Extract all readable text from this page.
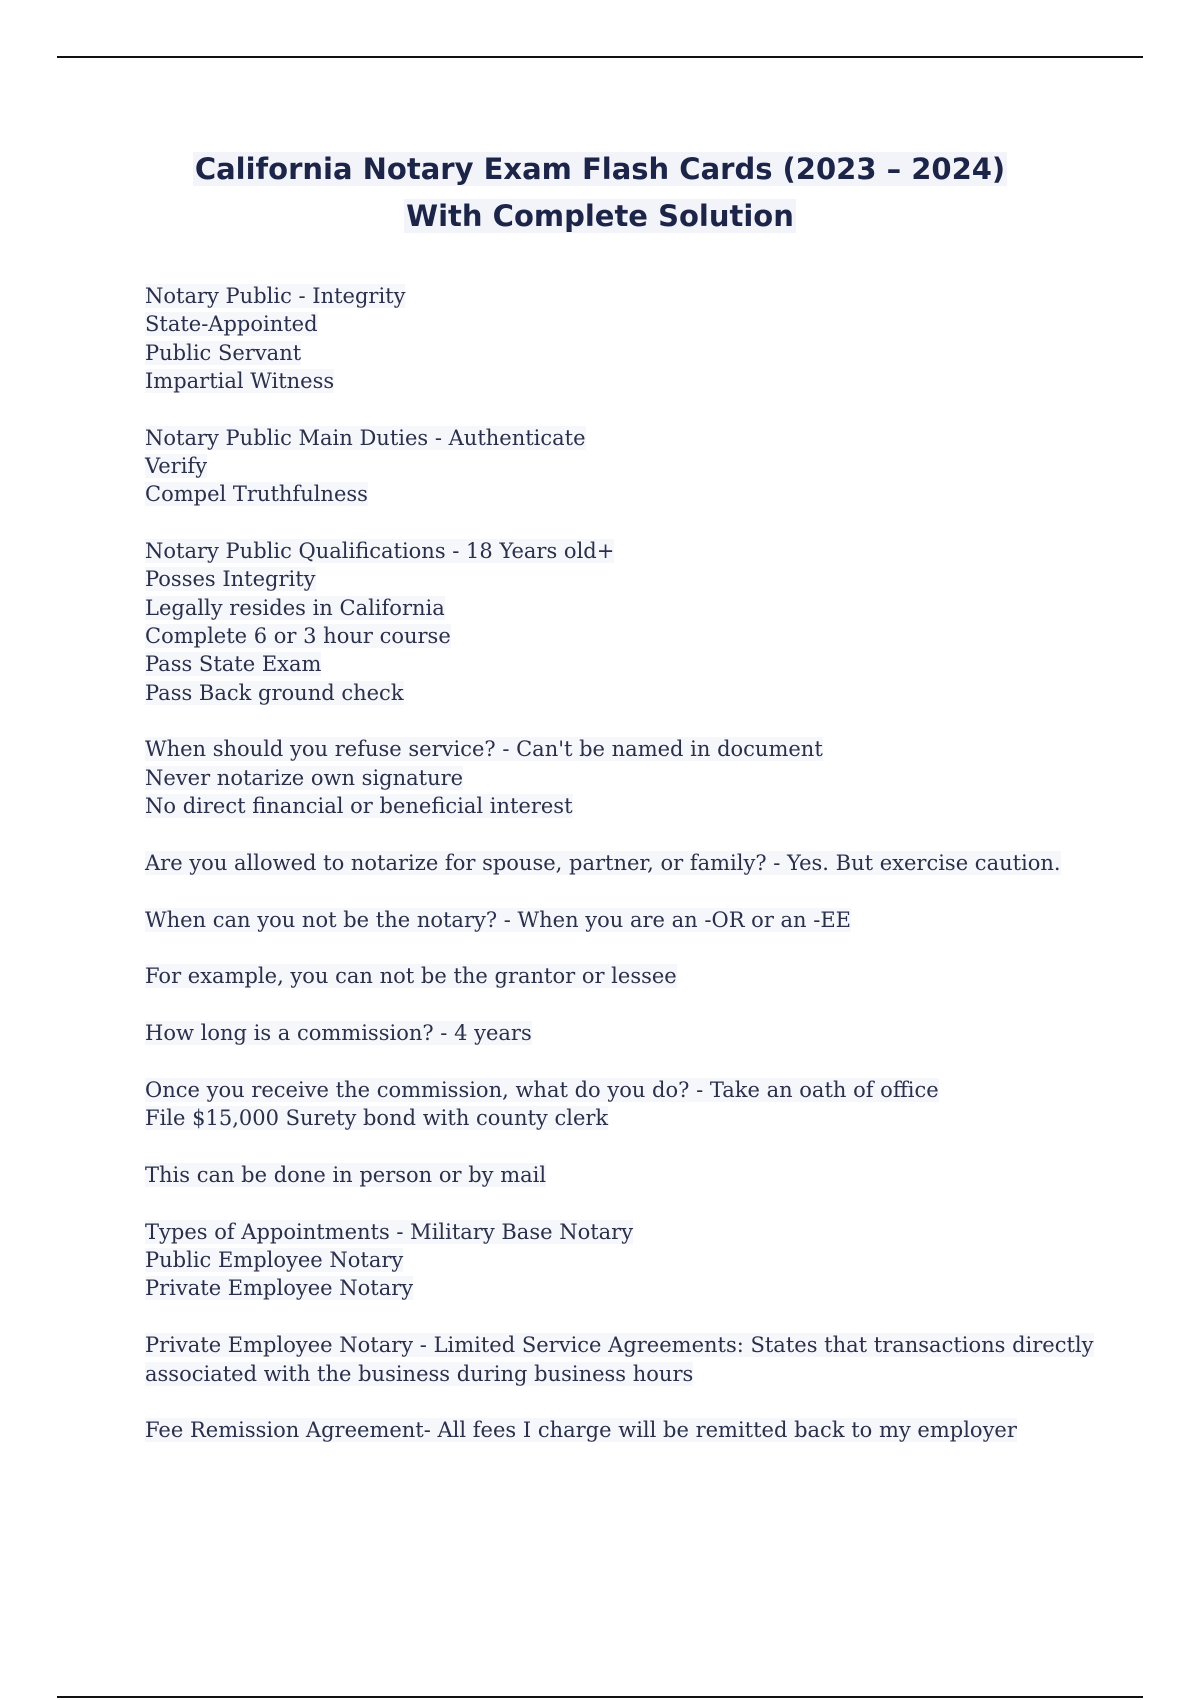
California Notary Exam Flash Cards (2023 – 2024)
With Complete Solution
Notary Public - Integrity
State-Appointed
Public Servant
Impartial Witness
Notary Public Main Duties - Authenticate
Verify
Compel Truthfulness
Notary Public Qualifications - 18 Years old+
Posses Integrity
Legally resides in California
Complete 6 or 3 hour course
Pass State Exam
Pass Back ground check
When should you refuse service? - Can't be named in document
Never notarize own signature
No direct financial or beneficial interest
Are you allowed to notarize for spouse, partner, or family? - Yes. But exercise caution.
When can you not be the notary? - When you are an -OR or an -EE
For example, you can not be the grantor or lessee
How long is a commission? - 4 years
Once you receive the commission, what do you do? - Take an oath of office
File $15,000 Surety bond with county clerk
This can be done in person or by mail
Types of Appointments - Military Base Notary
Public Employee Notary
Private Employee Notary
Private Employee Notary - Limited Service Agreements: States that transactions directly
associated with the business during business hours
Fee Remission Agreement- All fees I charge will be remitted back to my employer
